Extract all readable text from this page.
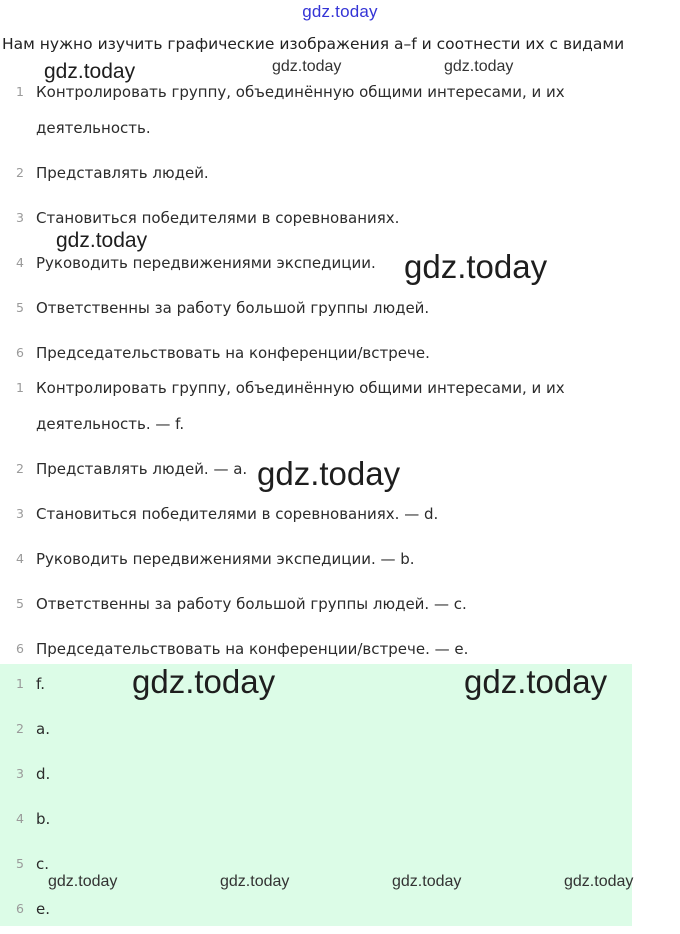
gdz.today
Нам нужно изучить графические изображения a–f и соотнести их с видами
1 Контролировать группу, объединённую общими интересами, и их деятельность.
2 Представлять людей.
3 Становиться победителями в соревнованиях.
4 Руководить передвижениями экспедиции.
5 Ответственны за работу большой группы людей.
6 Председательствовать на конференции/встрече.
1 Контролировать группу, объединённую общими интересами, и их деятельность. — f.
2 Представлять людей. — a.
3 Становиться победителями в соревнованиях. — d.
4 Руководить передвижениями экспедиции. — b.
5 Ответственны за работу большой группы людей. — c.
6 Председательствовать на конференции/встрече. — e.
1 f.
2 a.
3 d.
4 b.
5 c.
6 e.
gdz.today	gdz.today	gdz.today
gdz.today
gdz.today
gdz.today
gdz.today	gdz.today
gdz.today	gdz.today	gdz.today	gdz.today
